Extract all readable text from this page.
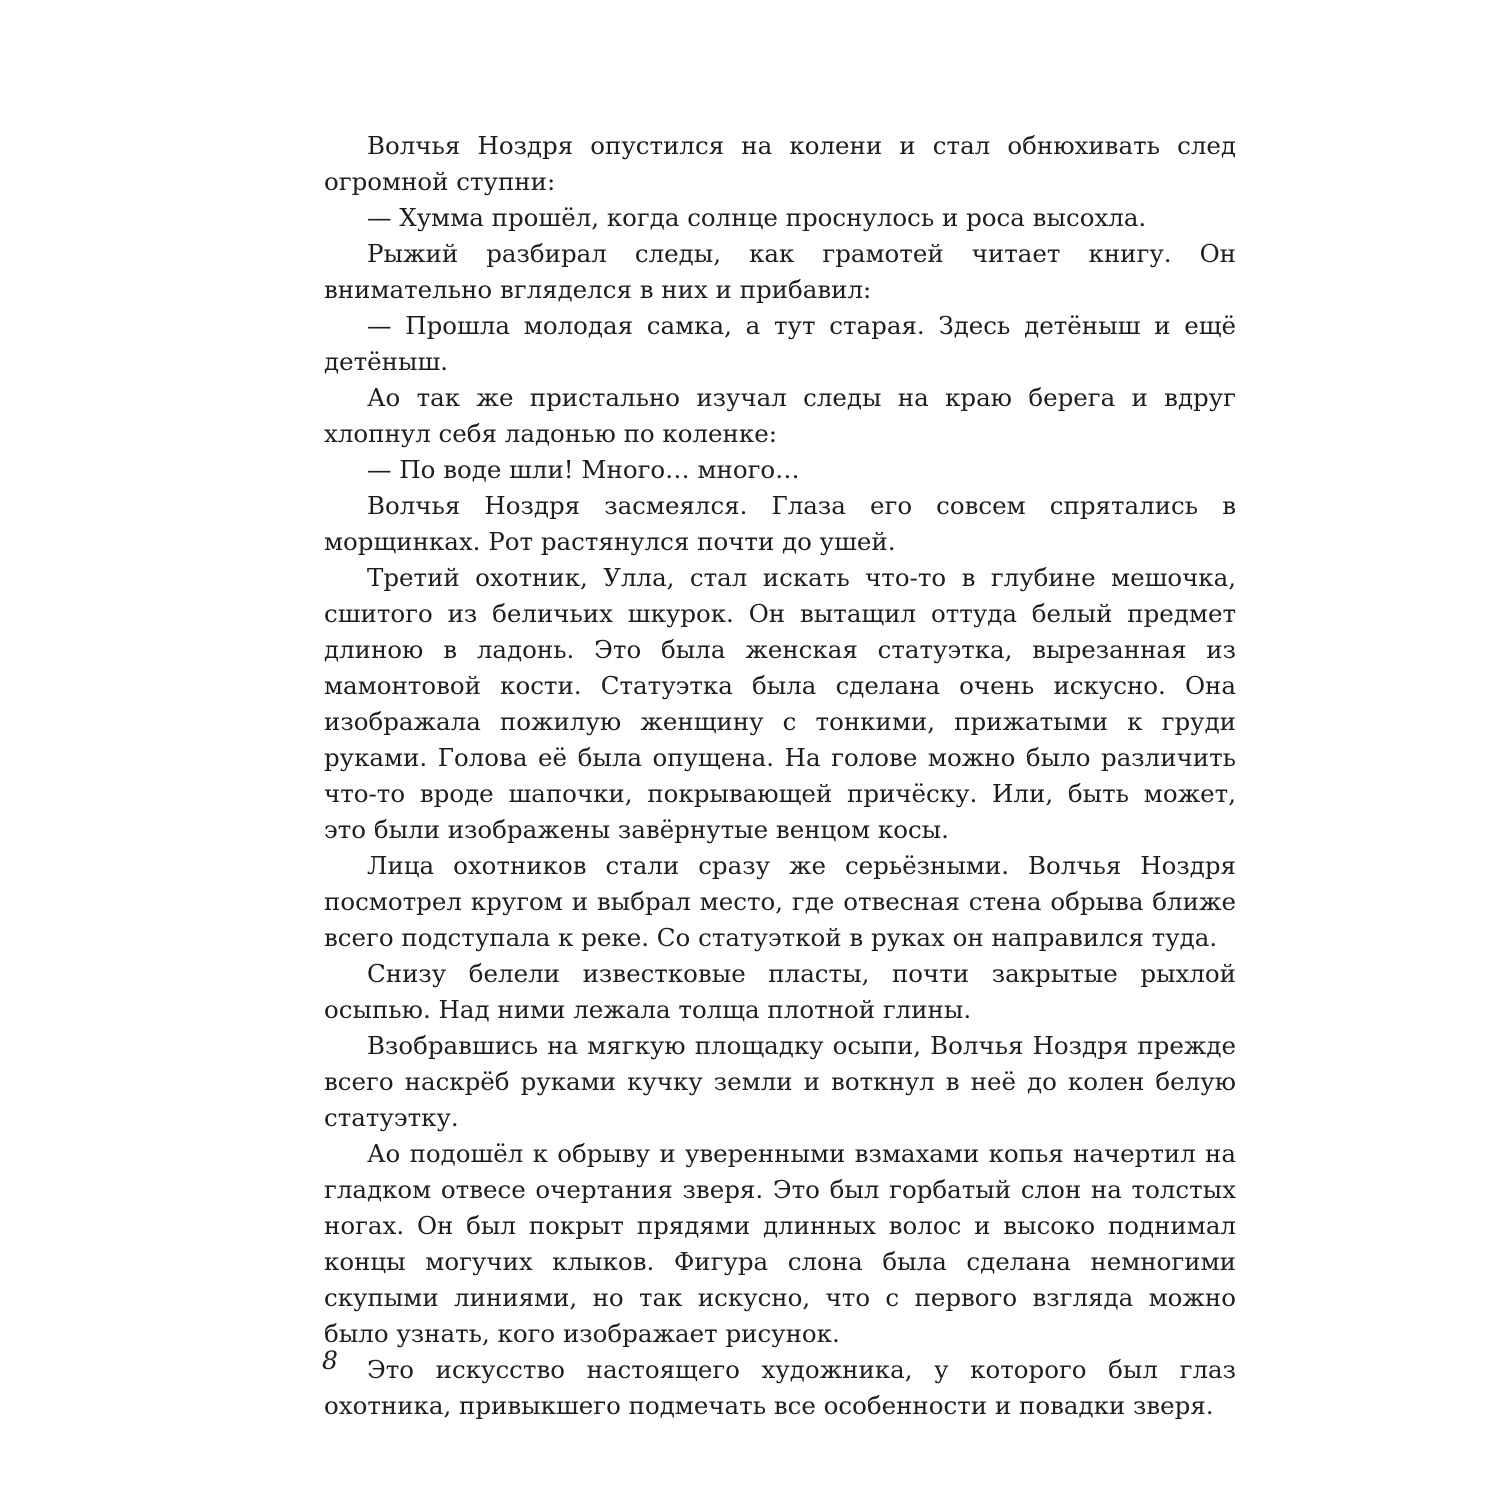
Волчья Ноздря опустился на колени и стал обнюхивать след огромной ступни:

— Хумма прошёл, когда солнце проснулось и роса высохла.

Рыжий разбирал следы, как грамотей читает книгу. Он внимательно вгляделся в них и прибавил:

— Прошла молодая самка, а тут старая. Здесь детёныш и ещё детёныш.

Ао так же пристально изучал следы на краю берега и вдруг хлопнул себя ладонью по коленке:

— По воде шли! Много… много…

Волчья Ноздря засмеялся. Глаза его совсем спрятались в морщинках. Рот растянулся почти до ушей.

Третий охотник, Улла, стал искать что-то в глубине мешочка, сшитого из беличьих шкурок. Он вытащил оттуда белый предмет длиною в ладонь. Это была женская статуэтка, вырезанная из мамонтовой кости. Статуэтка была сделана очень искусно. Она изображала пожилую женщину с тонкими, прижатыми к груди руками. Голова её была опущена. На голове можно было различить что-то вроде шапочки, покрывающей причёску. Или, быть может, это были изображены завёрнутые венцом косы.

Лица охотников стали сразу же серьёзными. Волчья Ноздря посмотрел кругом и выбрал место, где отвесная стена обрыва ближе всего подступала к реке. Со статуэткой в руках он направился туда.

Снизу белели известковые пласты, почти закрытые рыхлой осыпью. Над ними лежала толща плотной глины.

Взобравшись на мягкую площадку осыпи, Волчья Ноздря прежде всего наскрёб руками кучку земли и воткнул в неё до колен белую статуэтку.

Ао подошёл к обрыву и уверенными взмахами копья начертил на гладком отвесе очертания зверя. Это был горбатый слон на толстых ногах. Он был покрыт прядями длинных волос и высоко поднимал концы могучих клыков. Фигура слона была сделана немногими скупыми линиями, но так искусно, что с первого взгляда можно было узнать, кого изображает рисунок.

Это искусство настоящего художника, у которого был глаз охотника, привыкшего подмечать все особенности и повадки зверя.

8
